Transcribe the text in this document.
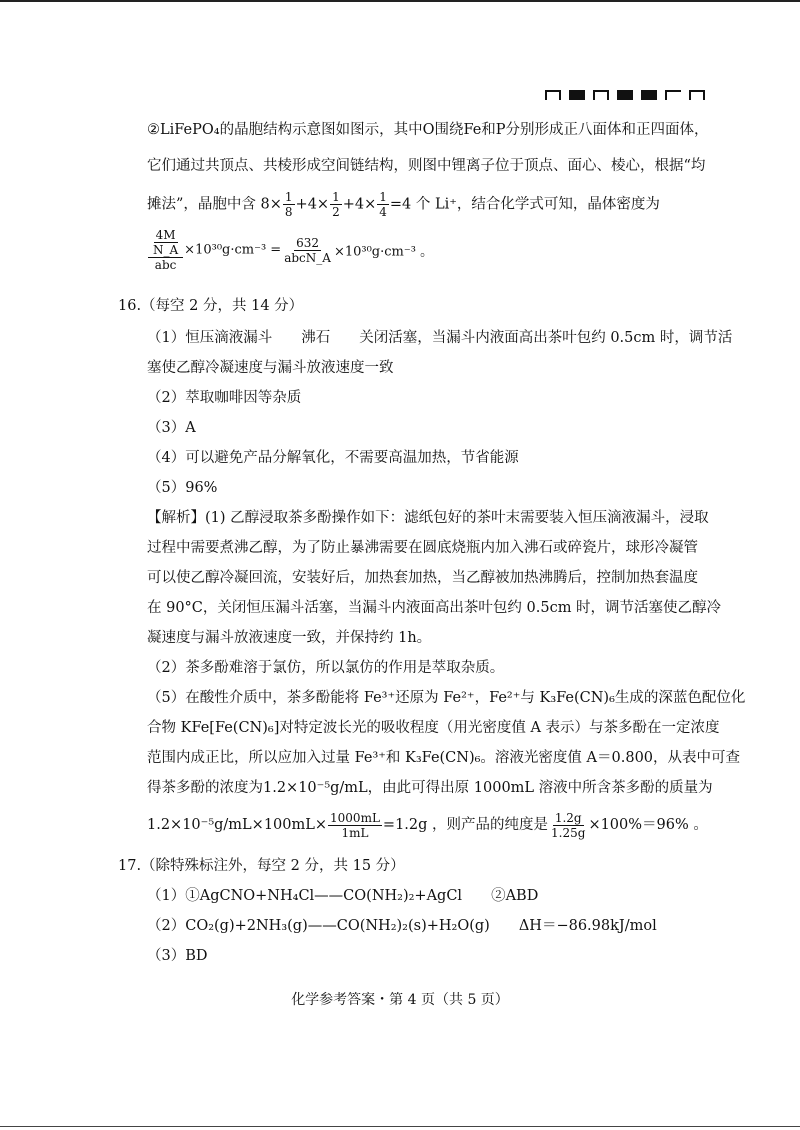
②LiFePO₄的晶胞结构示意图如图示，其中O围绕Fe和P分别形成正八面体和正四面体，
它们通过共顶点、共棱形成空间链结构，则图中锂离子位于顶点、面心、棱心，根据“均
摊法”，晶胞中含 $8\times \frac{1}{8} +4\times \frac{1}{2} +4\times \frac{1}{4} =4$ 个 Li⁺，结合化学式可知，晶体密度为
$\frac{\frac{4M}{N\_A}}{\text{abc}} \times 10^{30}g\cdot cm^{-3} = \frac{632}{\text{abcN\_A}} \times 10^{30}g\cdot cm^{-3}$ 。
16.（每空 2 分，共 14 分）
（1）恒压滴液漏斗　　沸石　　关闭活塞，当漏斗内液面高出茶叶包约 0.5cm 时，调节活
塞使乙醇冷凝速度与漏斗放液速度一致
（2）萃取咖啡因等杂质
（3）A
（4）可以避免产品分解氧化，不需要高温加热，节省能源
（5）96%
【解析】(1) 乙醇浸取茶多酚操作如下：滤纸包好的茶叶末需要装入恒压滴液漏斗，浸取
过程中需要煮沸乙醇，为了防止暴沸需要在圆底烧瓶内加入沸石或碎瓷片，球形冷凝管
可以使乙醇冷凝回流，安装好后，加热套加热，当乙醇被加热沸腾后，控制加热套温度
在 90°C，关闭恒压漏斗活塞，当漏斗内液面高出茶叶包约 0.5cm 时，调节活塞使乙醇冷
凝速度与漏斗放液速度一致，并保持约 1h。
（2）茶多酚难溶于氯仿，所以氯仿的作用是萃取杂质。
（5）在酸性介质中，茶多酚能将 Fe³⁺还原为 Fe²⁺，Fe²⁺与 K₃Fe(CN)₆生成的深蓝色配位化
合物 KFe[Fe(CN)₆]对特定波长光的吸收程度（用光密度值 A 表示）与茶多酚在一定浓度
范围内成正比，所以应加入过量 Fe³⁺和 K₃Fe(CN)₆。溶液光密度值 A＝0.800，从表中可查
得茶多酚的浓度为1.2×10⁻⁵g/mL，由此可得出原 1000mL 溶液中所含茶多酚的质量为
$1.2\times 10^{-5}g/mL\times 100mL\times \frac{1000mL}{1mL} =1.2g$ ，则产品的纯度是 $\frac{1.2g}{1.25g} \times 100\%=96\%$ 。
17.（除特殊标注外，每空 2 分，共 15 分）
（1）①AgCNO+NH₄Cl——CO(NH₂)₂+AgCl　　②ABD
（2）CO₂(g)+2NH₃(g)——CO(NH₂)₂(s)+H₂O(g)　　ΔH＝−86.98kJ/mol
（3）BD
化学参考答案・第 4 页（共 5 页）
